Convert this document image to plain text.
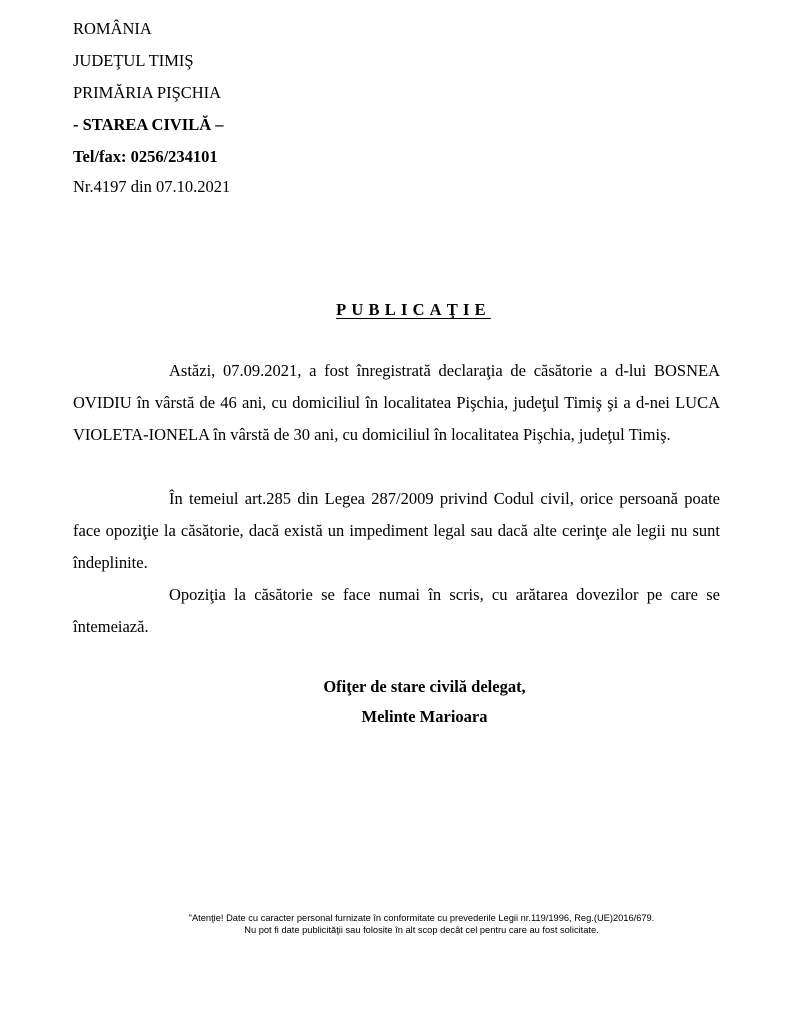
ROMÂNIA
JUDEŢUL TIMIŞ
PRIMĂRIA PIŞCHIA
- STAREA CIVILĂ –
Tel/fax: 0256/234101
Nr.4197 din 07.10.2021
PUBLICAŢIE

Astăzi, 07.09.2021, a fost înregistrată declaraţia de căsătorie a d-lui BOSNEA OVIDIU în vârstă de 46 ani, cu domiciliul în localitatea Pişchia, judeţul Timiş şi a d-nei LUCA VIOLETA-IONELA în vârstă de 30 ani, cu domiciliul în localitatea Pişchia, judeţul Timiş.

În temeiul art.285 din Legea 287/2009 privind Codul civil, orice persoană poate face opoziţie la căsătorie, dacă există un impediment legal sau dacă alte cerinţe ale legii nu sunt îndeplinite.

Opoziţia la căsătorie se face numai în scris, cu arătarea dovezilor pe care se întemeiază.

Ofiţer de stare civilă delegat,
Melinte Marioara
"Atenţie! Date cu caracter personal furnizate în conformitate cu prevederile Legii nr.119/1996, Reg.(UE)2016/679.
Nu pot fi date publicităţii sau folosite în alt scop decât cel pentru care au fost solicitate.
